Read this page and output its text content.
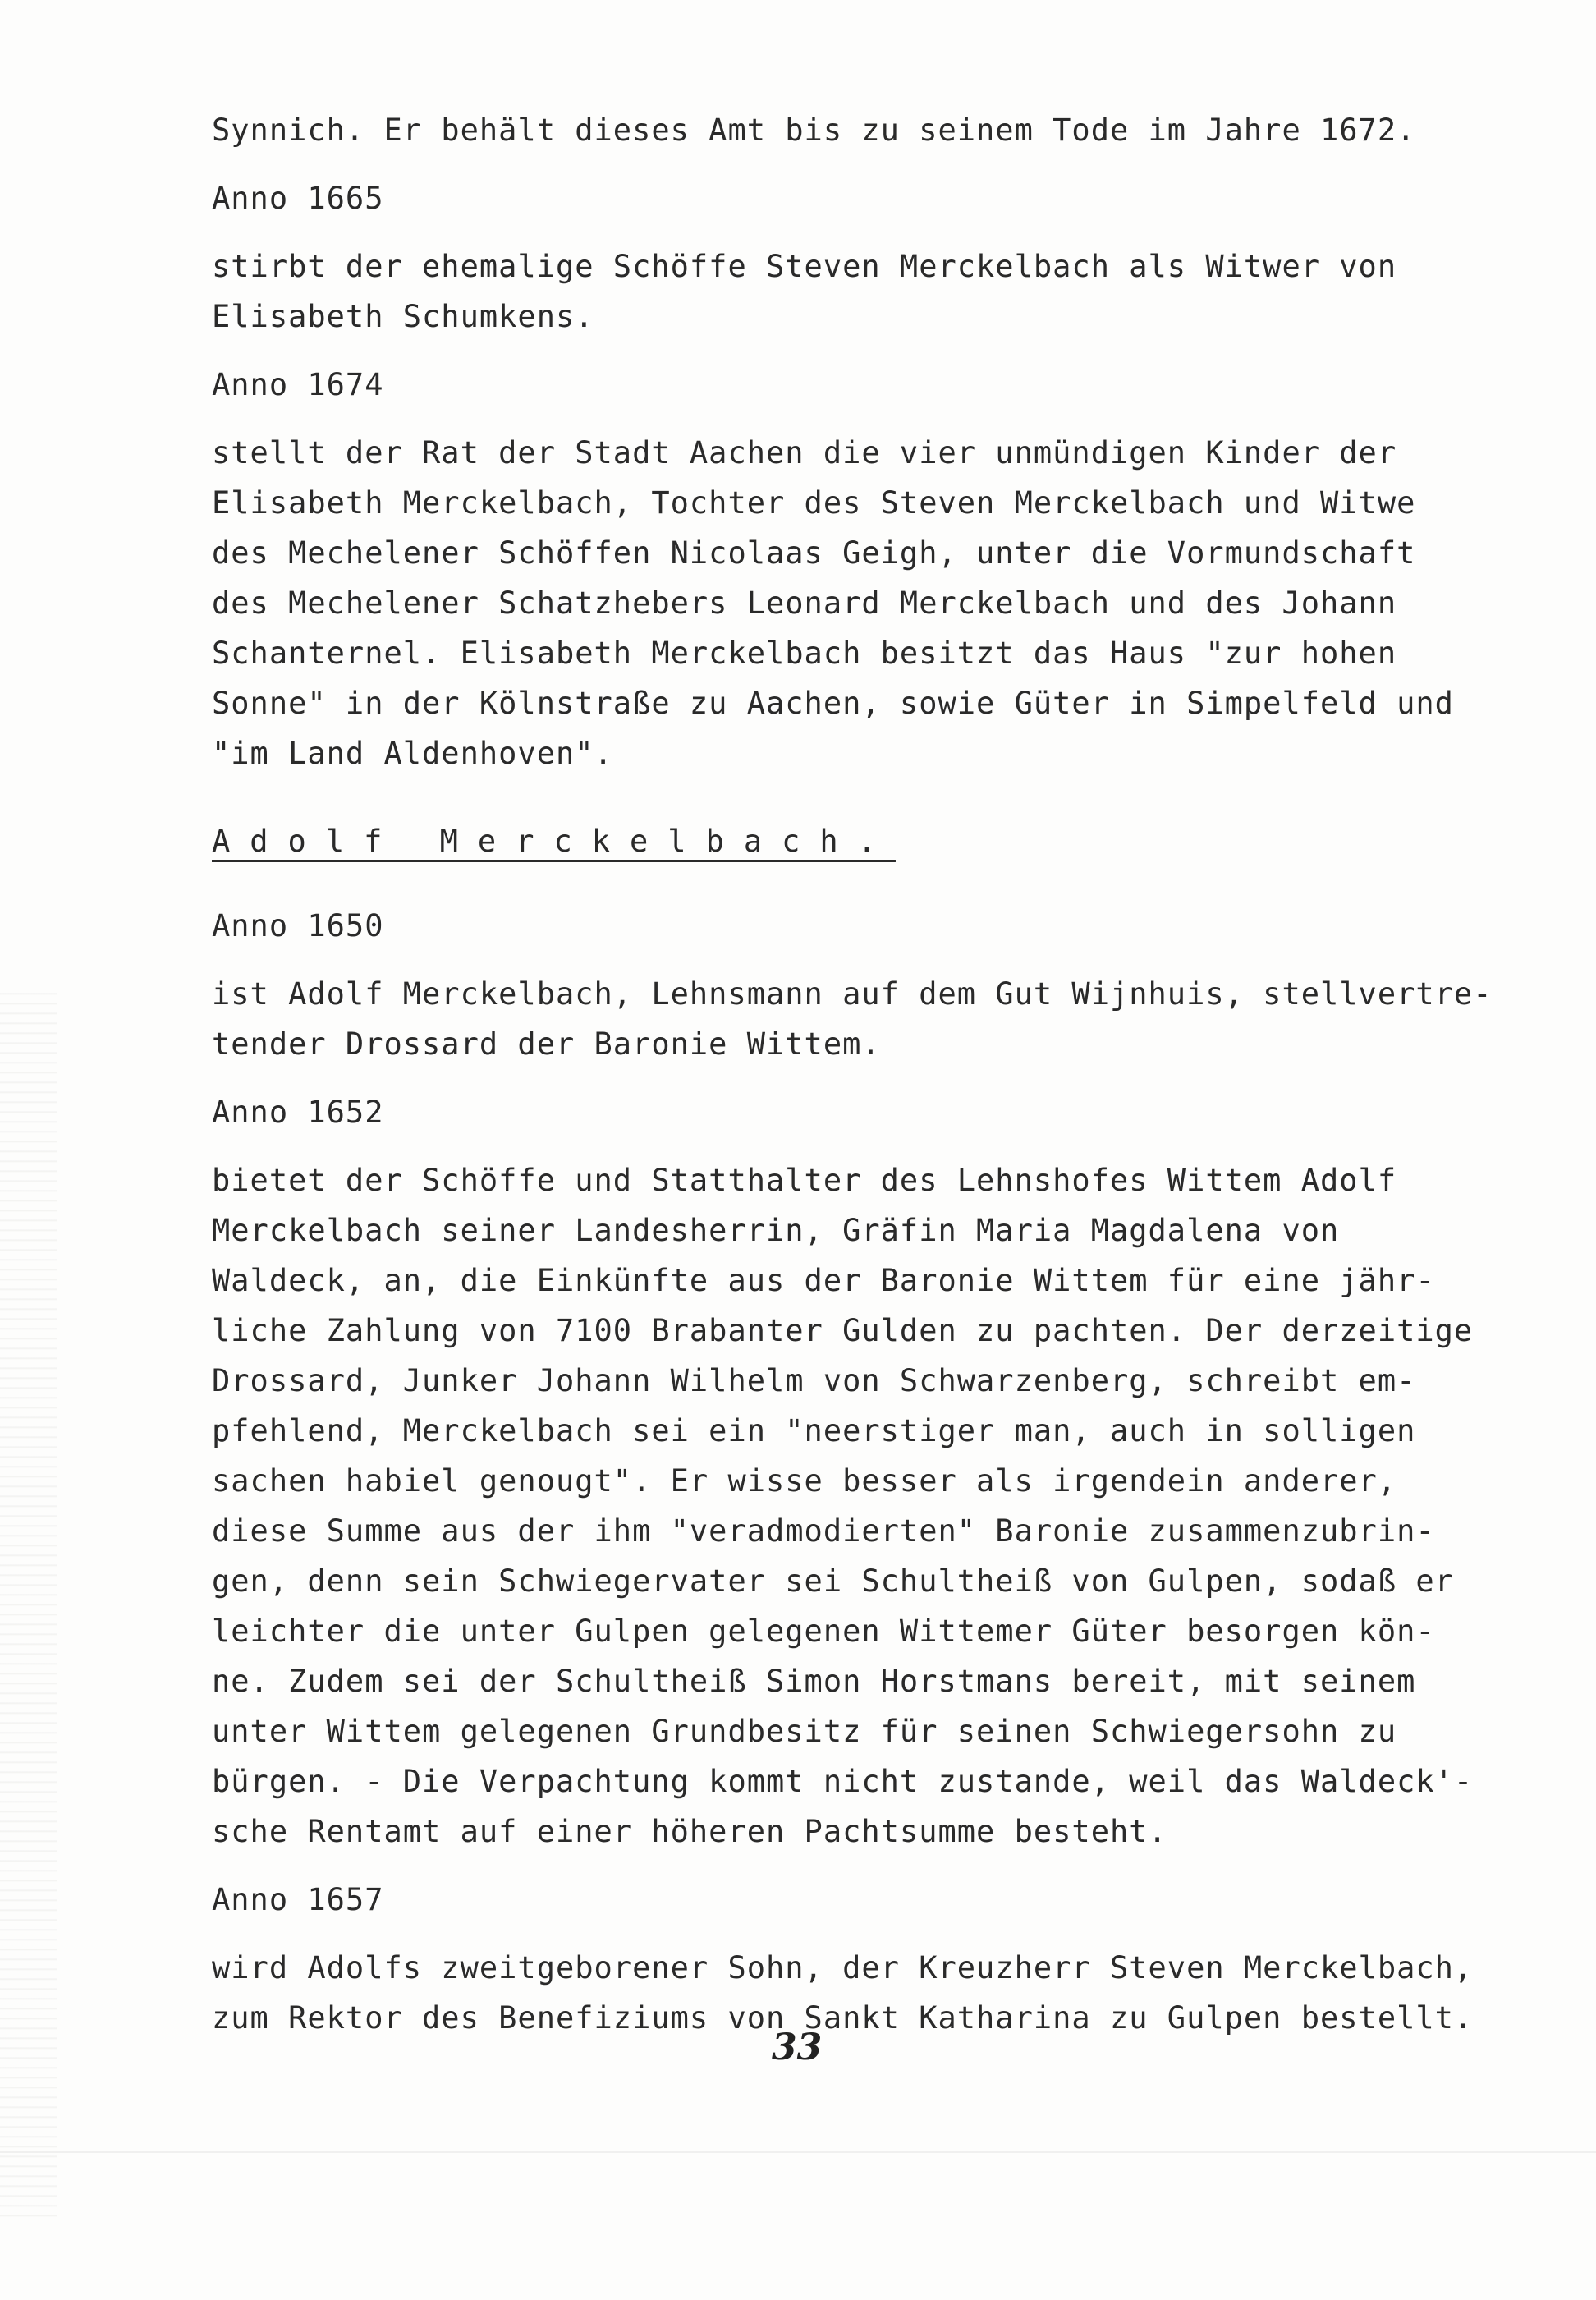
Synnich. Er behält dieses Amt bis zu seinem Tode im Jahre 1672.

Anno 1665

stirbt der ehemalige Schöffe Steven Merckelbach als Witwer von

Elisabeth Schumkens.

Anno 1674

stellt der Rat der Stadt Aachen die vier unmündigen Kinder der

Elisabeth Merckelbach, Tochter des Steven Merckelbach und Witwe

des Mechelener Schöffen Nicolaas Geigh, unter die Vormundschaft

des Mechelener Schatzhebers Leonard Merckelbach und des Johann

Schanternel. Elisabeth Merckelbach besitzt das Haus "zur hohen

Sonne" in der Kölnstraße zu Aachen, sowie Güter in Simpelfeld und

"im Land Aldenhoven".

Adolf Merckelbach.

Anno 1650

ist Adolf Merckelbach, Lehnsmann auf dem Gut Wijnhuis, stellvertre-

tender Drossard der Baronie Wittem.

Anno 1652

bietet der Schöffe und Statthalter des Lehnshofes Wittem Adolf

Merckelbach seiner Landesherrin, Gräfin Maria Magdalena von

Waldeck, an, die Einkünfte aus der Baronie Wittem für eine jähr-

liche Zahlung von 7100 Brabanter Gulden zu pachten. Der derzeitige

Drossard, Junker Johann Wilhelm von Schwarzenberg, schreibt em-

pfehlend, Merckelbach sei ein "neerstiger man, auch in solligen

sachen habiel genougt". Er wisse besser als irgendein anderer,

diese Summe aus der ihm "veradmodierten" Baronie zusammenzubrin-

gen, denn sein Schwiegervater sei Schultheiß von Gulpen, sodaß er

leichter die unter Gulpen gelegenen Wittemer Güter besorgen kön-

ne. Zudem sei der Schultheiß Simon Horstmans bereit, mit seinem

unter Wittem gelegenen Grundbesitz für seinen Schwiegersohn zu

bürgen. - Die Verpachtung kommt nicht zustande, weil das Waldeck'-

sche Rentamt auf einer höheren Pachtsumme besteht.

Anno 1657

wird Adolfs zweitgeborener Sohn, der Kreuzherr Steven Merckelbach,

zum Rektor des Benefiziums von Sankt Katharina zu Gulpen bestellt.

33
